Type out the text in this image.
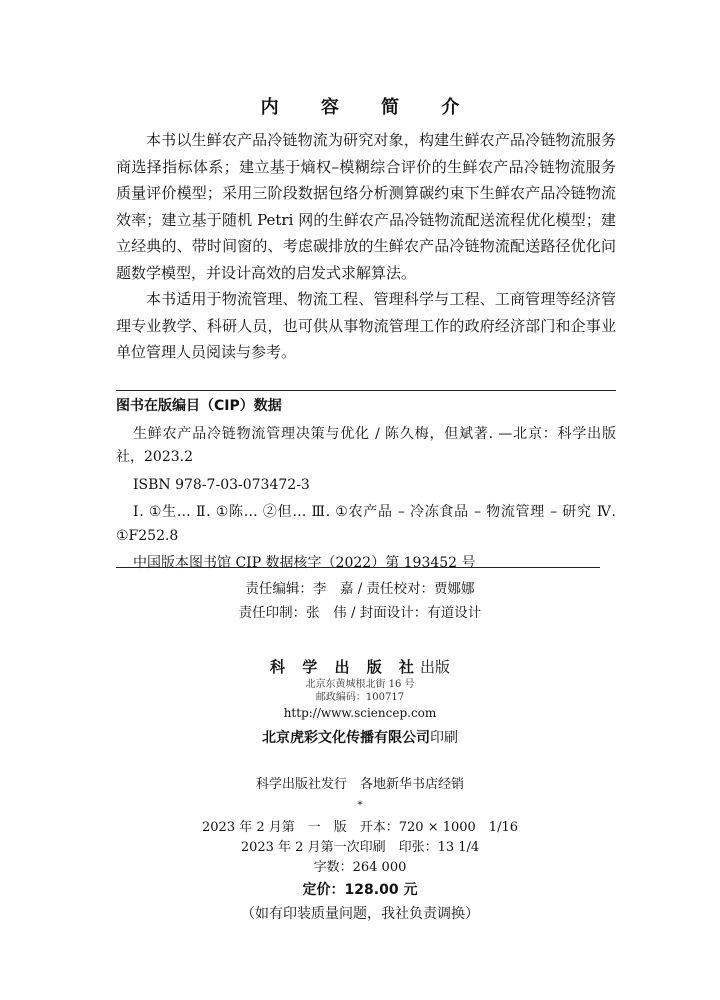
内 容 简 介

本书以生鲜农产品冷链物流为研究对象，构建生鲜农产品冷链物流服务商选择指标体系；建立基于熵权–模糊综合评价的生鲜农产品冷链物流服务质量评价模型；采用三阶段数据包络分析测算碳约束下生鲜农产品冷链物流效率；建立基于随机 Petri 网的生鲜农产品冷链物流配送流程优化模型；建立经典的、带时间窗的、考虑碳排放的生鲜农产品冷链物流配送路径优化问题数学模型，并设计高效的启发式求解算法。

本书适用于物流管理、物流工程、管理科学与工程、工商管理等经济管理专业教学、科研人员，也可供从事物流管理工作的政府经济部门和企事业单位管理人员阅读与参考。

图书在版编目（CIP）数据

生鲜农产品冷链物流管理决策与优化 / 陈久梅，但斌著. —北京：科学出版社，2023.2

ISBN 978-7-03-073472-3

Ⅰ. ①生… Ⅱ. ①陈… ②但… Ⅲ. ①农产品 – 冷冻食品 – 物流管理 – 研究 Ⅳ. ①F252.8

中国版本图书馆 CIP 数据核字（2022）第 193452 号

责任编辑：李　嘉 / 责任校对：贾娜娜
责任印制：张　伟 / 封面设计：有道设计
科 学 出 版 社出版
北京东黄城根北街 16 号
邮政编码：100717
http://www.sciencep.com
北京虎彩文化传播有限公司印刷
科学出版社发行　各地新华书店经销
*
2023 年 2 月第　一　版　开本：720 × 1000　1/16
2023 年 2 月第一次印刷　印张：13 1/4
字数：264 000
定价：128.00 元
（如有印装质量问题，我社负责调换）
